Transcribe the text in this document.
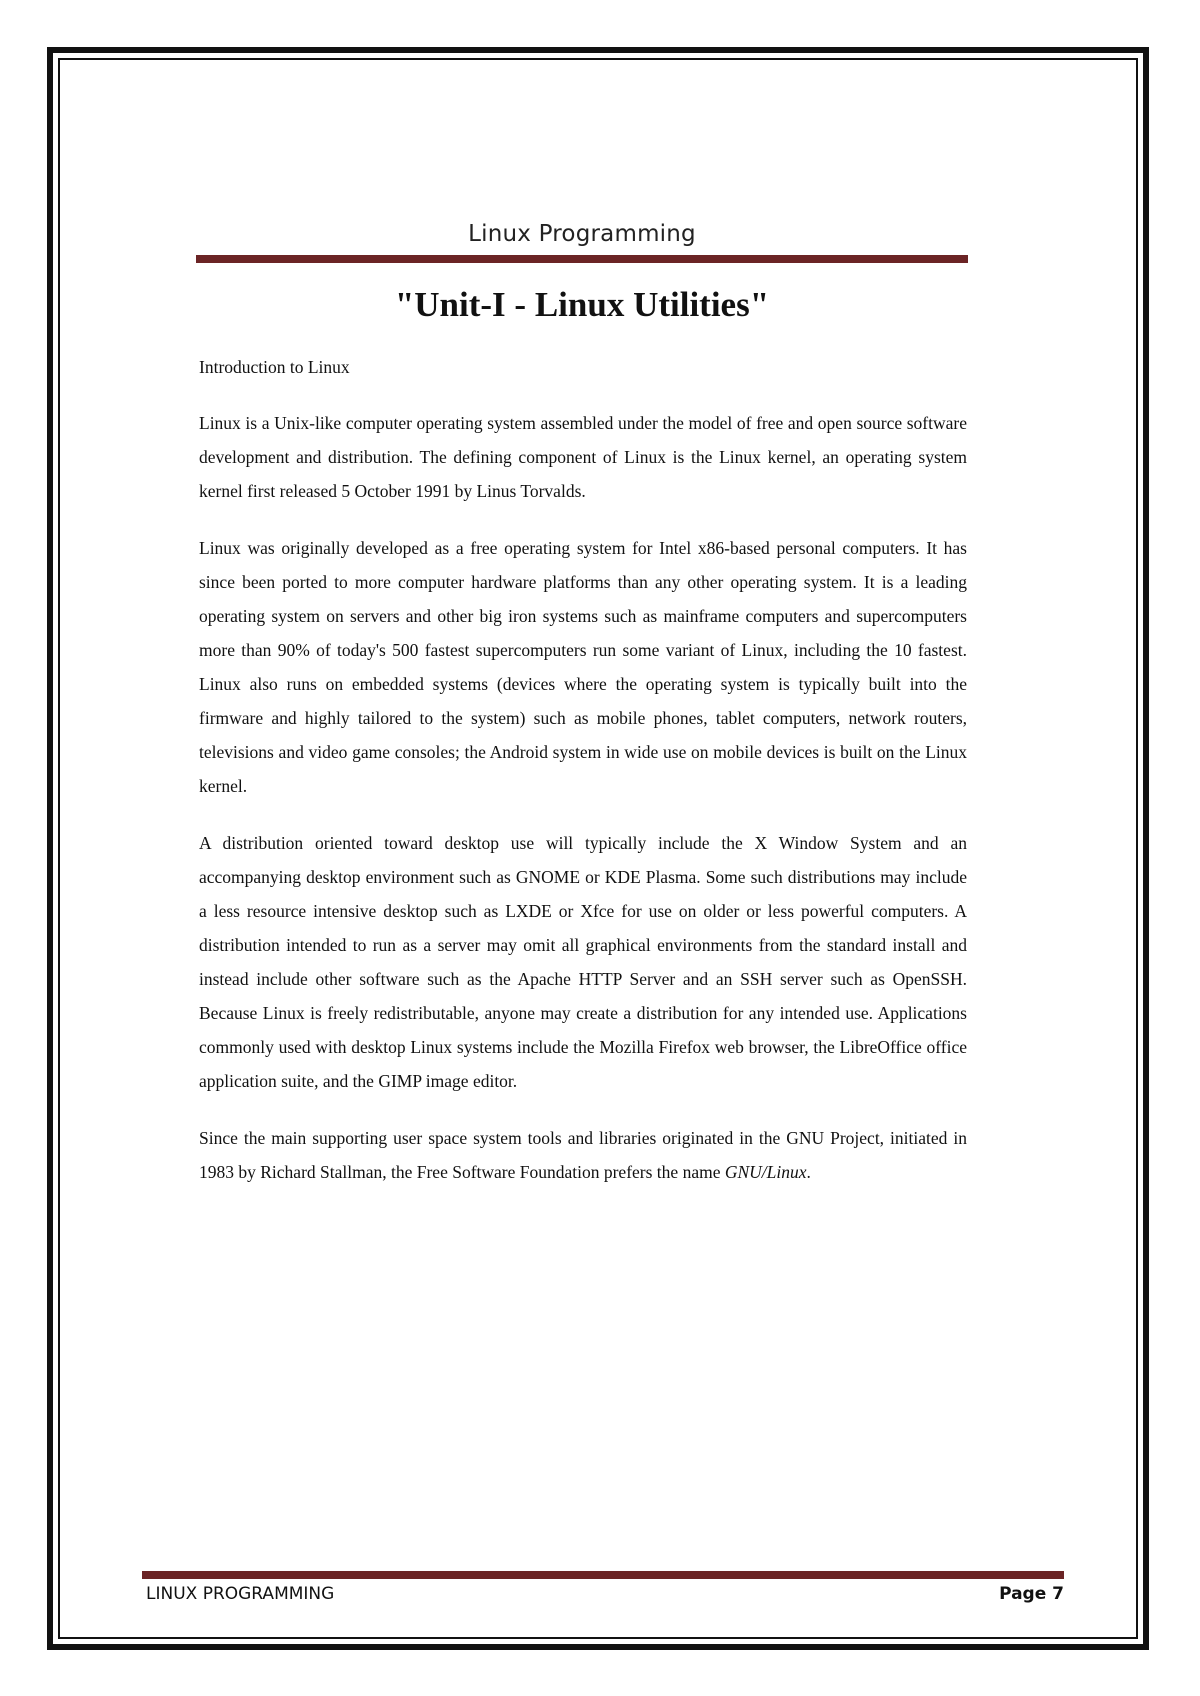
Linux Programming
"Unit-I - Linux Utilities"

Introduction to Linux

Linux is a Unix-like computer operating system assembled under the model of free and open source software development and distribution. The defining component of Linux is the Linux kernel, an operating system kernel first released 5 October 1991 by Linus Torvalds.

Linux was originally developed as a free operating system for Intel x86-based personal computers. It has since been ported to more computer hardware platforms than any other operating system. It is a leading operating system on servers and other big iron systems such as mainframe computers and supercomputers more than 90% of today's 500 fastest supercomputers run some variant of Linux, including the 10 fastest. Linux also runs on embedded systems (devices where the operating system is typically built into the firmware and highly tailored to the system) such as mobile phones, tablet computers, network routers, televisions and video game consoles; the Android system in wide use on mobile devices is built on the Linux kernel.

A distribution oriented toward desktop use will typically include the X Window System and an accompanying desktop environment such as GNOME or KDE Plasma. Some such distributions may include a less resource intensive desktop such as LXDE or Xfce for use on older or less powerful computers. A distribution intended to run as a server may omit all graphical environments from the standard install and instead include other software such as the Apache HTTP Server and an SSH server such as OpenSSH. Because Linux is freely redistributable, anyone may create a distribution for any intended use. Applications commonly used with desktop Linux systems include the Mozilla Firefox web browser, the LibreOffice office application suite, and the GIMP image editor.

Since the main supporting user space system tools and libraries originated in the GNU Project, initiated in 1983 by Richard Stallman, the Free Software Foundation prefers the name GNU/Linux.

LINUX PROGRAMMING	Page 7
